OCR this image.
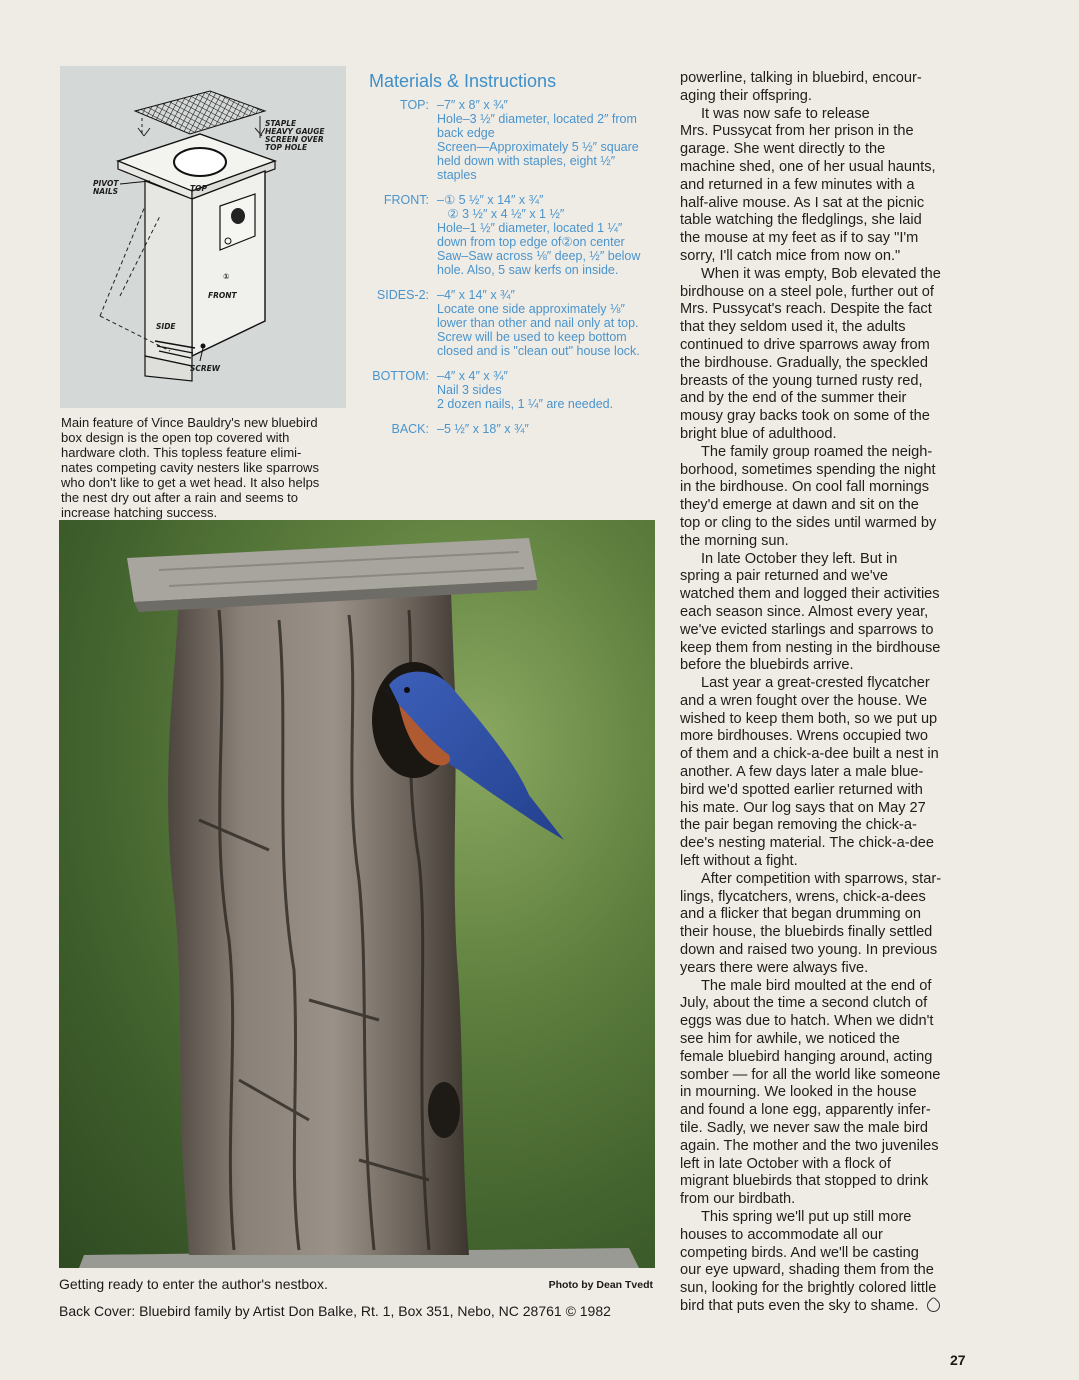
STAPLE
HEAVY GAUGE
SCREEN OVER
TOP HOLE
PIVOT
NAILS	TOP
①
FRONT
SIDE
SCREW

Main feature of Vince Bauldry's new bluebird
box design is the open top covered with
hardware cloth. This topless feature elimi-
nates competing cavity nesters like sparrows
who don't like to get a wet head. It also helps
the nest dry out after a rain and seems to
increase hatching success.

Materials & Instructions
TOP: –7″ x 8″ x ¾″
Hole–3 ½″ diameter, located 2″ from
back edge
Screen—Approximately 5 ½″ square
held down with staples, eight ½″
staples
FRONT: –① 5 ½″ x 14″ x ¾″
② 3 ½″ x 4 ½″ x 1 ½″
Hole–1 ½″ diameter, located 1 ¼″
down from top edge of②on center
Saw–Saw across ⅛″ deep, ½″ below
hole. Also, 5 saw kerfs on inside.
SIDES-2: –4″ x 14″ x ¾″
Locate one side approximately ⅛″
lower than other and nail only at top.
Screw will be used to keep bottom
closed and is "clean out" house lock.
BOTTOM: –4″ x 4″ x ¾″
Nail 3 sides
2 dozen nails, 1 ¼″ are needed.
BACK: –5 ½″ x 18″ x ¾″

Getting ready to enter the author's nestbox.	Photo by Dean Tvedt

Back Cover: Bluebird family by Artist Don Balke, Rt. 1, Box 351, Nebo, NC 28761 © 1982

powerline, talking in bluebird, encour-
aging their offspring.
It was now safe to release
Mrs. Pussycat from her prison in the
garage. She went directly to the
machine shed, one of her usual haunts,
and returned in a few minutes with a
half-alive mouse. As I sat at the picnic
table watching the fledglings, she laid
the mouse at my feet as if to say "I'm
sorry, I'll catch mice from now on."
When it was empty, Bob elevated the
birdhouse on a steel pole, further out of
Mrs. Pussycat's reach. Despite the fact
that they seldom used it, the adults
continued to drive sparrows away from
the birdhouse. Gradually, the speckled
breasts of the young turned rusty red,
and by the end of the summer their
mousy gray backs took on some of the
bright blue of adulthood.
The family group roamed the neigh-
borhood, sometimes spending the night
in the birdhouse. On cool fall mornings
they'd emerge at dawn and sit on the
top or cling to the sides until warmed by
the morning sun.
In late October they left. But in
spring a pair returned and we've
watched them and logged their activities
each season since. Almost every year,
we've evicted starlings and sparrows to
keep them from nesting in the birdhouse
before the bluebirds arrive.
Last year a great-crested flycatcher
and a wren fought over the house. We
wished to keep them both, so we put up
more birdhouses. Wrens occupied two
of them and a chick-a-dee built a nest in
another. A few days later a male blue-
bird we'd spotted earlier returned with
his mate. Our log says that on May 27
the pair began removing the chick-a-
dee's nesting material. The chick-a-dee
left without a fight.
After competition with sparrows, star-
lings, flycatchers, wrens, chick-a-dees
and a flicker that began drumming on
their house, the bluebirds finally settled
down and raised two young. In previous
years there were always five.
The male bird moulted at the end of
July, about the time a second clutch of
eggs was due to hatch. When we didn't
see him for awhile, we noticed the
female bluebird hanging around, acting
somber — for all the world like someone
in mourning. We looked in the house
and found a lone egg, apparently infer-
tile. Sadly, we never saw the male bird
again. The mother and the two juveniles
left in late October with a flock of
migrant bluebirds that stopped to drink
from our birdbath.
This spring we'll put up still more
houses to accommodate all our
competing birds. And we'll be casting
our eye upward, shading them from the
sun, looking for the brightly colored little
bird that puts even the sky to shame.

27
